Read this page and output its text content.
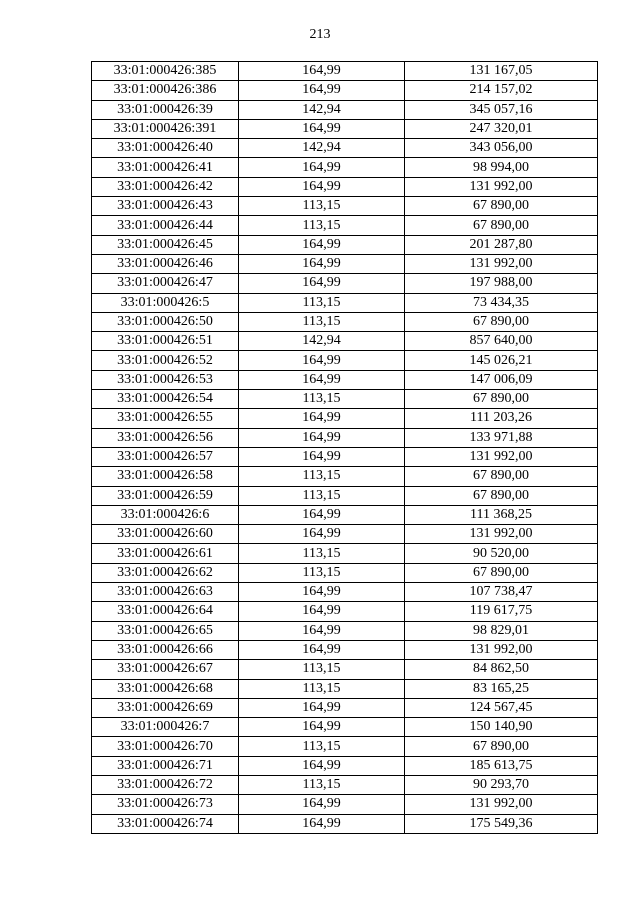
213
33:01:000426:385	164,99	131 167,05
33:01:000426:386	164,99	214 157,02
33:01:000426:39	142,94	345 057,16
33:01:000426:391	164,99	247 320,01
33:01:000426:40	142,94	343 056,00
33:01:000426:41	164,99	98 994,00
33:01:000426:42	164,99	131 992,00
33:01:000426:43	113,15	67 890,00
33:01:000426:44	113,15	67 890,00
33:01:000426:45	164,99	201 287,80
33:01:000426:46	164,99	131 992,00
33:01:000426:47	164,99	197 988,00
33:01:000426:5	113,15	73 434,35
33:01:000426:50	113,15	67 890,00
33:01:000426:51	142,94	857 640,00
33:01:000426:52	164,99	145 026,21
33:01:000426:53	164,99	147 006,09
33:01:000426:54	113,15	67 890,00
33:01:000426:55	164,99	111 203,26
33:01:000426:56	164,99	133 971,88
33:01:000426:57	164,99	131 992,00
33:01:000426:58	113,15	67 890,00
33:01:000426:59	113,15	67 890,00
33:01:000426:6	164,99	111 368,25
33:01:000426:60	164,99	131 992,00
33:01:000426:61	113,15	90 520,00
33:01:000426:62	113,15	67 890,00
33:01:000426:63	164,99	107 738,47
33:01:000426:64	164,99	119 617,75
33:01:000426:65	164,99	98 829,01
33:01:000426:66	164,99	131 992,00
33:01:000426:67	113,15	84 862,50
33:01:000426:68	113,15	83 165,25
33:01:000426:69	164,99	124 567,45
33:01:000426:7	164,99	150 140,90
33:01:000426:70	113,15	67 890,00
33:01:000426:71	164,99	185 613,75
33:01:000426:72	113,15	90 293,70
33:01:000426:73	164,99	131 992,00
33:01:000426:74	164,99	175 549,36
